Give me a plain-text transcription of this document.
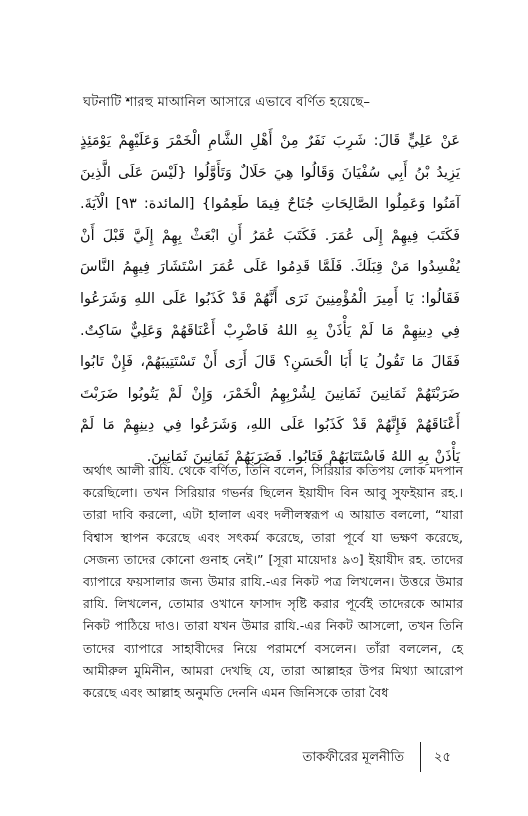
ঘটনাটি শারহু মাআনিল আসারে এভাবে বর্ণিত হয়েছে–
عَنْ عَلِيٍّ قَالَ: شَرِبَ نَفَرٌ مِنْ أَهْلِ الشَّامِ الْخَمْرَ وَعَلَيْهِمْ يَوْمَئِذٍ يَزِيدُ بْنُ أَبِي سُفْيَانَ وَقَالُوا هِيَ حَلَالٌ وَتَأَوَّلُوا {لَيْسَ عَلَى الَّذِينَ آمَنُوا وَعَمِلُوا الصَّالِحَاتِ جُنَاحٌ فِيمَا طَعِمُوا} [المائدة: ٩٣] الْآيَةَ. فَكَتَبَ فِيهِمْ إِلَى عُمَرَ. فَكَتَبَ عُمَرُ أَنِ ابْعَثْ بِهِمْ إِلَيَّ قَبْلَ أَنْ يُفْسِدُوا مَنْ قِبَلَكَ. فَلَمَّا قَدِمُوا عَلَى عُمَرَ اسْتَشَارَ فِيهِمُ النَّاسَ فَقَالُوا: يَا أَمِيرَ الْمُؤْمِنِينَ نَرَى أَنَّهُمْ قَدْ كَذَبُوا عَلَى اللهِ وَشَرَعُوا فِي دِينِهِمْ مَا لَمْ يَأْذَنْ بِهِ اللهُ فَاضْرِبْ أَعْنَاقَهُمْ وَعَلِيٌّ سَاكِتٌ. فَقَالَ مَا تَقُولُ يَا أَبَا الْحَسَنِ؟ قَالَ أَرَى أَنْ تَسْتَتِيبَهُمْ، فَإِنْ تَابُوا ضَرَبْتَهُمْ ثَمَانِينَ ثَمَانِينَ لِشُرْبِهِمُ الْخَمْرَ، وَإِنْ لَمْ يَتُوبُوا ضَرَبْتَ أَعْنَاقَهُمْ فَإِنَّهُمْ قَدْ كَذَبُوا عَلَى اللهِ، وَشَرَعُوا فِي دِينِهِمْ مَا لَمْ يَأْذَنْ بِهِ اللهُ فَاسْتَتَابَهُمْ فَتَابُوا. فَضَرَبَهُمْ ثَمَانِينَ ثَمَانِينَ.
অর্থাৎ আলী রাযি. থেকে বর্ণিত, তিনি বলেন, সিরিয়ার কতিপয় লোক মদপান করেছিলো। তখন সিরিয়ার গভর্নর ছিলেন ইয়াযীদ বিন আবু সুফইয়ান রহ.। তারা দাবি করলো, এটা হালাল এবং দলীলস্বরূপ এ আয়াত বললো, “যারা বিশ্বাস স্থাপন করেছে এবং সৎকর্ম করেছে, তারা পূর্বে যা ভক্ষণ করেছে, সেজন্য তাদের কোনো গুনাহ নেই।” [সূরা মায়েদাঃ ৯৩] ইয়াযীদ রহ. তাদের ব্যাপারে ফয়সালার জন্য উমার রাযি.-এর নিকট পত্র লিখলেন। উত্তরে উমার রাযি. লিখলেন, তোমার ওখানে ফাসাদ সৃষ্টি করার পূর্বেই তাদেরকে আমার নিকট পাঠিয়ে দাও। তারা যখন উমার রাযি.-এর নিকট আসলো, তখন তিনি তাদের ব্যাপারে সাহাবীদের নিয়ে পরামর্শে বসলেন। তাঁরা বললেন, হে আমীরুল মুমিনীন, আমরা দেখছি যে, তারা আল্লাহর উপর মিথ্যা আরোপ করেছে এবং আল্লাহ অনুমতি দেননি এমন জিনিসকে তারা বৈধ
তাকফীরের মূলনীতি ২৫
